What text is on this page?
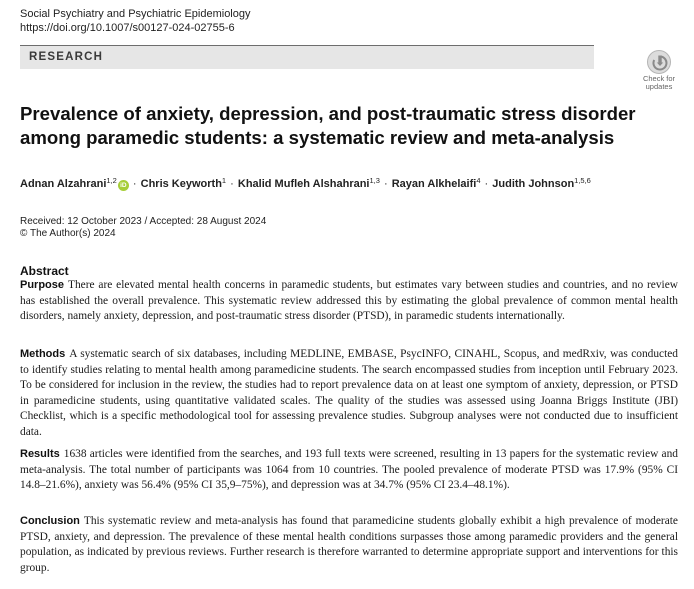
Social Psychiatry and Psychiatric Epidemiology
https://doi.org/10.1007/s00127-024-02755-6
RESEARCH
Check for
updates
Prevalence of anxiety, depression, and post-traumatic stress disorder among paramedic students: a systematic review and meta-analysis
Adnan Alzahrani$^{1,2}$iD · Chris Keyworth$^1$ · Khalid Mufleh Alshahrani$^{1,3}$ · Rayan Alkhelaifi$^4$ · Judith Johnson$^{1,5,6}$
Received: 12 October 2023 / Accepted: 28 August 2024
© The Author(s) 2024
Abstract

Purpose There are elevated mental health concerns in paramedic students, but estimates vary between studies and countries, and no review has established the overall prevalence. This systematic review addressed this by estimating the global prevalence of common mental health disorders, namely anxiety, depression, and post-traumatic stress disorder (PTSD), in paramedic students internationally.

Methods A systematic search of six databases, including MEDLINE, EMBASE, PsycINFO, CINAHL, Scopus, and medRxiv, was conducted to identify studies relating to mental health among paramedicine students. The search encompassed studies from inception until February 2023. To be considered for inclusion in the review, the studies had to report prevalence data on at least one symptom of anxiety, depression, or PTSD in paramedicine students, using quantitative validated scales. The quality of the studies was assessed using Joanna Briggs Institute (JBI) Checklist, which is a specific methodological tool for assessing prevalence studies. Subgroup analyses were not conducted due to insufficient data.

Results 1638 articles were identified from the searches, and 193 full texts were screened, resulting in 13 papers for the systematic review and meta-analysis. The total number of participants was 1064 from 10 countries. The pooled prevalence of moderate PTSD was 17.9% (95% CI 14.8–21.6%), anxiety was 56.4% (95% CI 35,9–75%), and depression was at 34.7% (95% CI 23.4–48.1%).

Conclusion This systematic review and meta-analysis has found that paramedicine students globally exhibit a high prevalence of moderate PTSD, anxiety, and depression. The prevalence of these mental health conditions surpasses those among paramedic providers and the general population, as indicated by previous reviews. Further research is therefore warranted to determine appropriate support and interventions for this group.
